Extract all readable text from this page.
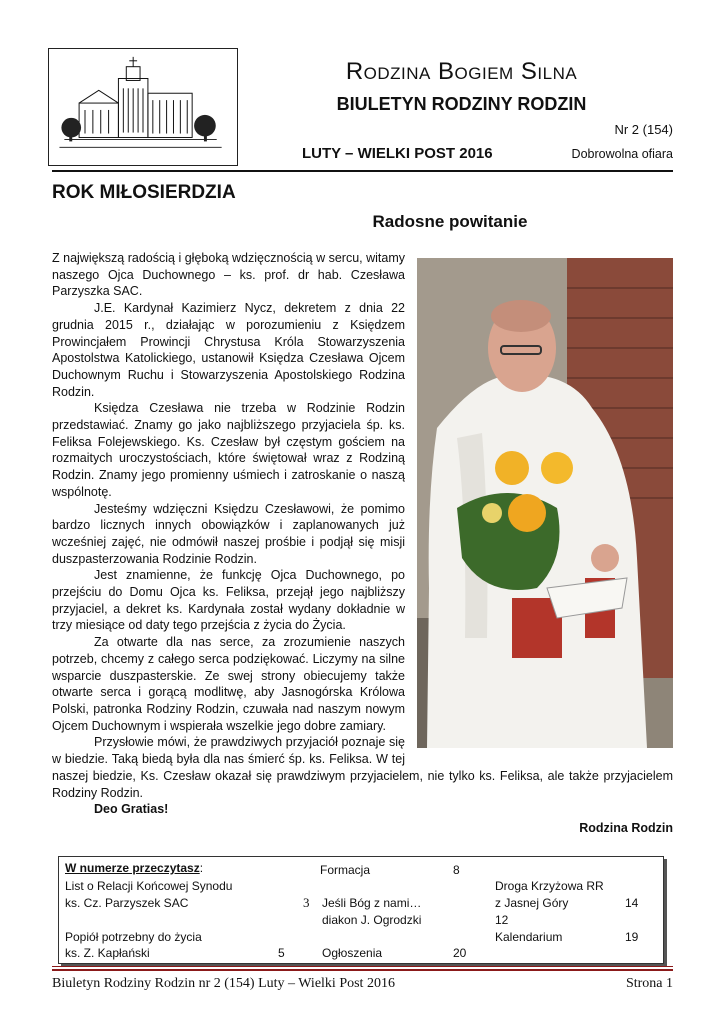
Rodzina Bogiem Silna
BIULETYN RODZINY RODZIN
Nr 2 (154)
LUTY – WIELKI POST 2016	Dobrowolna ofiara
ROK MIŁOSIERDZIA
Radosne powitanie

Z największą radością i głęboką wdzięcznością w sercu, witamy naszego Ojca Duchownego – ks. prof. dr hab. Czesława Parzyszka SAC.

J.E. Kardynał Kazimierz Nycz, dekretem z dnia 22 grudnia 2015 r., działając w porozumieniu z Księdzem Prowincjałem Prowincji Chrystusa Króla Stowarzyszenia Apostolstwa Katolickiego, ustanowił Księdza Czesława Ojcem Duchownym Ruchu i Stowarzyszenia Apostolskiego Rodzina Rodzin.

Księdza Czesława nie trzeba w Rodzinie Rodzin przedstawiać. Znamy go jako najbliższego przyjaciela śp. ks. Feliksa Folejewskiego. Ks. Czesław był częstym gościem na rozmaitych uroczystościach, które świętował wraz z Rodziną Rodzin. Znamy jego promienny uśmiech i zatroskanie o naszą wspólnotę.

Jesteśmy wdzięczni Księdzu Czesławowi, że pomimo bardzo licznych innych obowiązków i zaplanowanych już wcześniej zajęć, nie odmówił naszej prośbie i podjął się misji duszpasterzowania Rodzinie Rodzin.

Jest znamienne, że funkcję Ojca Duchownego, po przejściu do Domu Ojca ks. Feliksa, przejął jego najbliższy przyjaciel, a dekret ks. Kardynała został wydany dokładnie w trzy miesiące od daty tego przejścia z życia do Życia.

Za otwarte dla nas serce, za zrozumienie naszych potrzeb, chcemy z całego serca podziękować. Liczymy na silne wsparcie duszpasterskie. Ze swej strony obiecujemy także otwarte serca i gorącą modlitwę, aby Jasnogórska Królowa Polski, patronka Rodziny Rodzin, czuwała nad naszym nowym Ojcem Duchownym i wspierała wszelkie jego dobre zamiary.

Przysłowie mówi, że prawdziwych przyjaciół poznaje się w biedzie. Taką biedą była dla nas śmierć śp. ks. Feliksa. W tej naszej biedzie, Ks. Czesław okazał się prawdziwym przyjacielem, nie tylko ks. Feliksa, ale także przyjacielem Rodziny Rodzin.

Deo Gratias!

Rodzina Rodzin

W numerze przeczytasz:
List o Relacji Końcowej Synodu
ks. Cz. Parzyszek SAC	3
Popiół potrzebny do życia
ks. Z. Kapłański	5
Formacja	8
Jeśli Bóg z nami…
diakon J. Ogrodzki	12
Ogłoszenia	20
Droga Krzyżowa RR
z Jasnej Góry	14
Kalendarium	19
Biuletyn Rodziny Rodzin nr 2 (154) Luty – Wielki Post 2016	Strona 1
